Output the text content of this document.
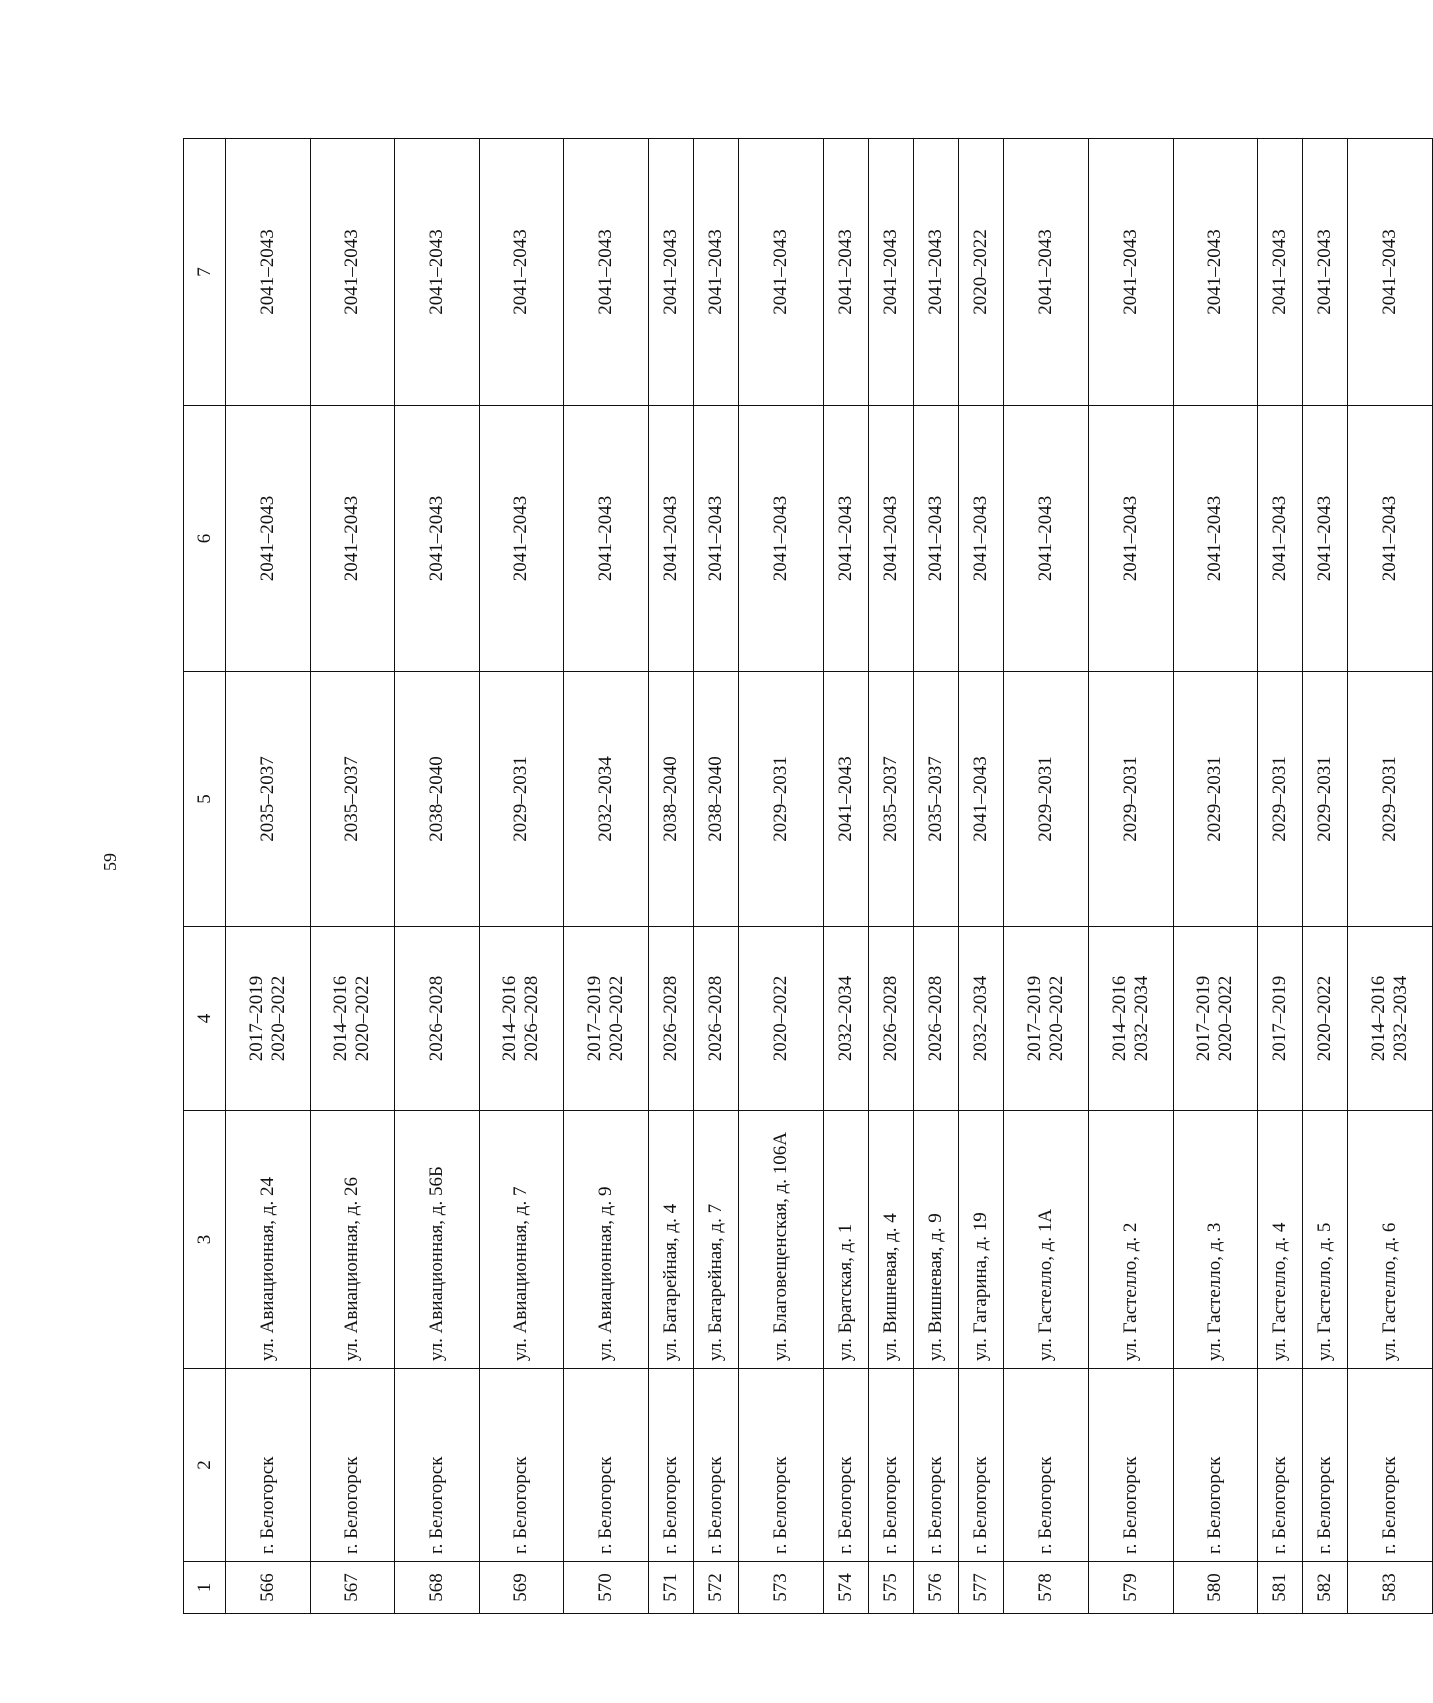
59
1	2	3	4	5	6	7
566	г. Белогорск	ул. Авиационная, д. 24	2017–2019 2020–2022	2035–2037	2041–2043	2041–2043
567	г. Белогорск	ул. Авиационная, д. 26	2014–2016 2020–2022	2035–2037	2041–2043	2041–2043
568	г. Белогорск	ул. Авиационная, д. 56Б	2026–2028	2038–2040	2041–2043	2041–2043
569	г. Белогорск	ул. Авиационная, д. 7	2014–2016 2026–2028	2029–2031	2041–2043	2041–2043
570	г. Белогорск	ул. Авиационная, д. 9	2017–2019 2020–2022	2032–2034	2041–2043	2041–2043
571	г. Белогорск	ул. Батарейная, д. 4	2026–2028	2038–2040	2041–2043	2041–2043
572	г. Белогорск	ул. Батарейная, д. 7	2026–2028	2038–2040	2041–2043	2041–2043
573	г. Белогорск	ул. Благовещенская, д. 106А	2020–2022	2029–2031	2041–2043	2041–2043
574	г. Белогорск	ул. Братская, д. 1	2032–2034	2041–2043	2041–2043	2041–2043
575	г. Белогорск	ул. Вишневая, д. 4	2026–2028	2035–2037	2041–2043	2041–2043
576	г. Белогорск	ул. Вишневая, д. 9	2026–2028	2035–2037	2041–2043	2041–2043
577	г. Белогорск	ул. Гагарина, д. 19	2032–2034	2041–2043	2041–2043	2020–2022
578	г. Белогорск	ул. Гастелло, д. 1А	2017–2019 2020–2022	2029–2031	2041–2043	2041–2043
579	г. Белогорск	ул. Гастелло, д. 2	2014–2016 2032–2034	2029–2031	2041–2043	2041–2043
580	г. Белогорск	ул. Гастелло, д. 3	2017–2019 2020–2022	2029–2031	2041–2043	2041–2043
581	г. Белогорск	ул. Гастелло, д. 4	2017–2019	2029–2031	2041–2043	2041–2043
582	г. Белогорск	ул. Гастелло, д. 5	2020–2022	2029–2031	2041–2043	2041–2043
583	г. Белогорск	ул. Гастелло, д. 6	2014–2016 2032–2034	2029–2031	2041–2043	2041–2043
